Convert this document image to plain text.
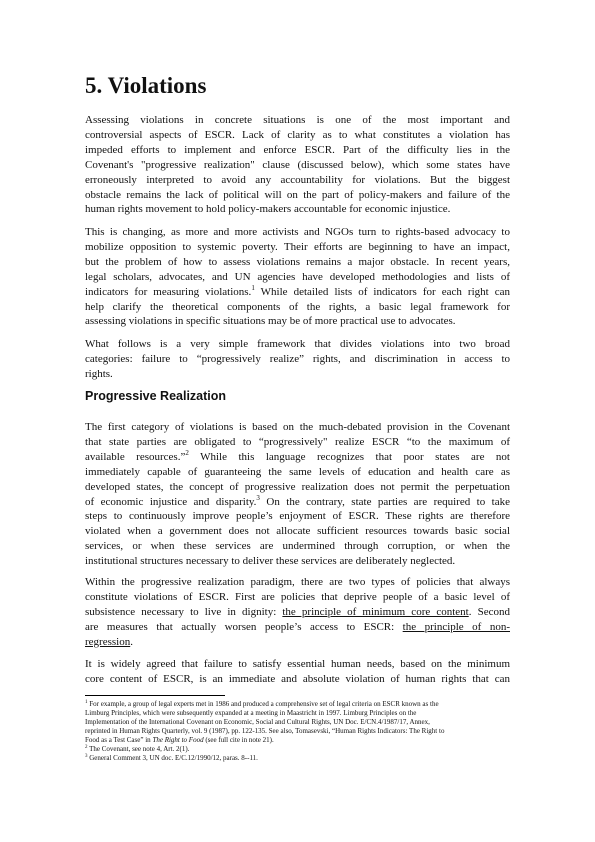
5. Violations
Assessing violations in concrete situations is one of the most important and
controversial aspects of ESCR. Lack of clarity as to what constitutes a violation has
impeded efforts to implement and enforce ESCR. Part of the difficulty lies in the
Covenant's "progressive realization" clause (discussed below), which some states have
erroneously interpreted to avoid any accountability for violations. But the biggest
obstacle remains the lack of political will on the part of policy-makers and failure of the
human rights movement to hold policy-makers accountable for economic injustice.
This is changing, as more and more activists and NGOs turn to rights-based advocacy to
mobilize opposition to systemic poverty. Their efforts are beginning to have an impact,
but the problem of how to assess violations remains a major obstacle. In recent years,
legal scholars, advocates, and UN agencies have developed methodologies and lists of
indicators for measuring violations.$^1$ While detailed lists of indicators for each right can
help clarify the theoretical components of the rights, a basic legal framework for
assessing violations in specific situations may be of more practical use to advocates.
What follows is a very simple framework that divides violations into two broad
categories: failure to “progressively realize” rights, and discrimination in access to
rights.
Progressive Realization
The first category of violations is based on the much-debated provision in the Covenant
that state parties are obligated to “progressively" realize ESCR “to the maximum of
available resources.”$^2$ While this language recognizes that poor states are not
immediately capable of guaranteeing the same levels of education and health care as
developed states, the concept of progressive realization does not permit the perpetuation
of economic injustice and disparity.$^3$ On the contrary, state parties are required to take
steps to continuously improve people’s enjoyment of ESCR. These rights are therefore
violated when a government does not allocate sufficient resources towards basic social
services, or when these services are undermined through corruption, or when the
institutional structures necessary to deliver these services are deliberately neglected.
Within the progressive realization paradigm, there are two types of policies that always
constitute violations of ESCR. First are policies that deprive people of a basic level of
subsistence necessary to live in dignity: the principle of minimum core content. Second
are measures that actually worsen people’s access to ESCR: the principle of non-
regression.
It is widely agreed that failure to satisfy essential human needs, based on the minimum
core content of ESCR, is an immediate and absolute violation of human rights that can
$^1$ For example, a group of legal experts met in 1986 and produced a comprehensive set of legal criteria on ESCR known as the
Limburg Principles, which were subsequently expanded at a meeting in Maastricht in 1997. Limburg Principles on the
Implementation of the International Covenant on Economic, Social and Cultural Rights, UN Doc. E/CN.4/1987/17, Annex,
reprinted in Human Rights Quarterly, vol. 9 (1987), pp. 122-135. See also, Tomasevski, “Human Rights Indicators: The Right to
Food as a Test Case” in The Right to Food (see full cite in note 21).
$^2$ The Covenant, see note 4, Art. 2(1).
$^3$ General Comment 3, UN doc. E/C.12/1990/12, paras. 8--11.
